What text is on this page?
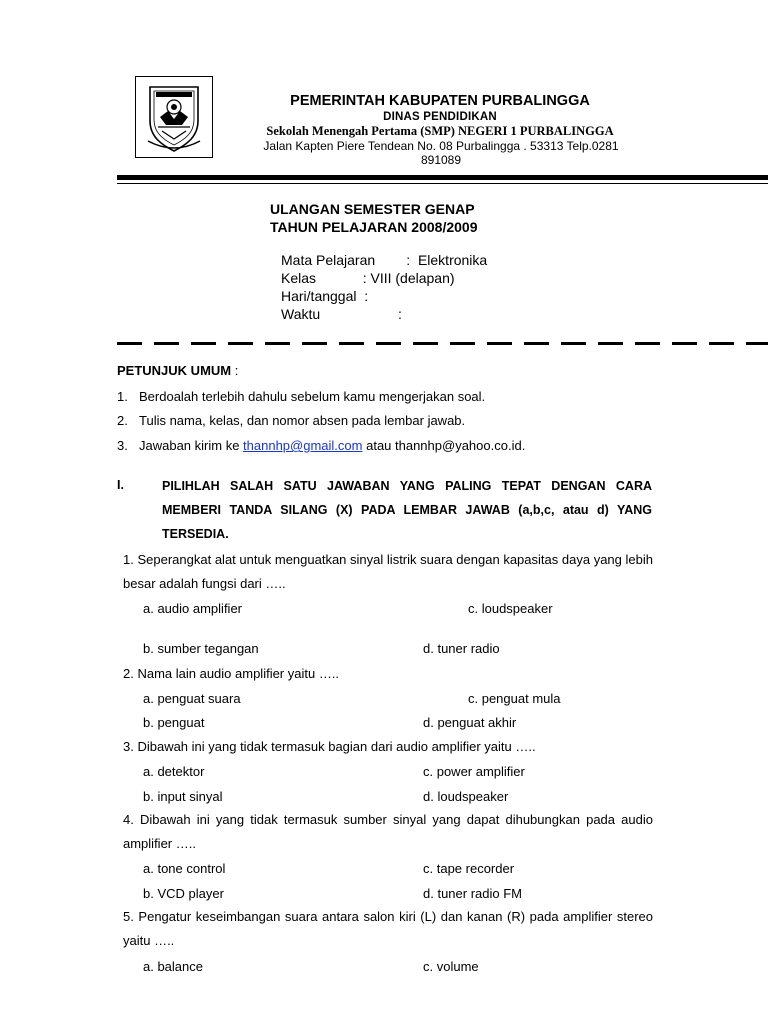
PEMERINTAH KABUPATEN PURBALINGGA
DINAS PENDIDIKAN
Sekolah Menengah Pertama (SMP) NEGERI 1 PURBALINGGA
Jalan Kapten Piere Tendean No. 08 Purbalingga . 53313 Telp.0281 891089
ULANGAN SEMESTER GENAP
TAHUN PELAJARAN 2008/2009
Mata Pelajaran        :  Elektronika
Kelas            : VIII (delapan)
Hari/tanggal  :
Waktu                    :
PETUNJUK UMUM :
1. Berdoalah terlebih dahulu sebelum kamu mengerjakan soal.
2. Tulis nama, kelas, dan nomor absen pada lembar jawab.
3. Jawaban kirim ke thannhp@gmail.com atau thannhp@yahoo.co.id.
I.	PILIHLAH SALAH SATU JAWABAN YANG PALING TEPAT DENGAN CARA MEMBERI TANDA SILANG (X) PADA LEMBAR JAWAB (a,b,c, atau d) YANG TERSEDIA.
1. Seperangkat alat untuk menguatkan sinyal listrik suara dengan kapasitas daya yang lebih besar adalah fungsi dari …..
a. audio amplifier	c. loudspeaker
b. sumber tegangan	d. tuner radio
2. Nama lain audio amplifier yaitu …..
a. penguat suara	c. penguat mula
b. penguat	d. penguat akhir
3. Dibawah ini yang tidak termasuk bagian dari audio amplifier yaitu …..
a. detektor	c. power amplifier
b. input sinyal	d. loudspeaker
4. Dibawah ini yang tidak termasuk sumber sinyal yang dapat dihubungkan pada audio amplifier …..
a. tone control	c. tape recorder
b. VCD player	d. tuner radio FM
5. Pengatur keseimbangan suara antara salon kiri (L) dan kanan (R) pada amplifier stereo yaitu …..
a. balance	c. volume
